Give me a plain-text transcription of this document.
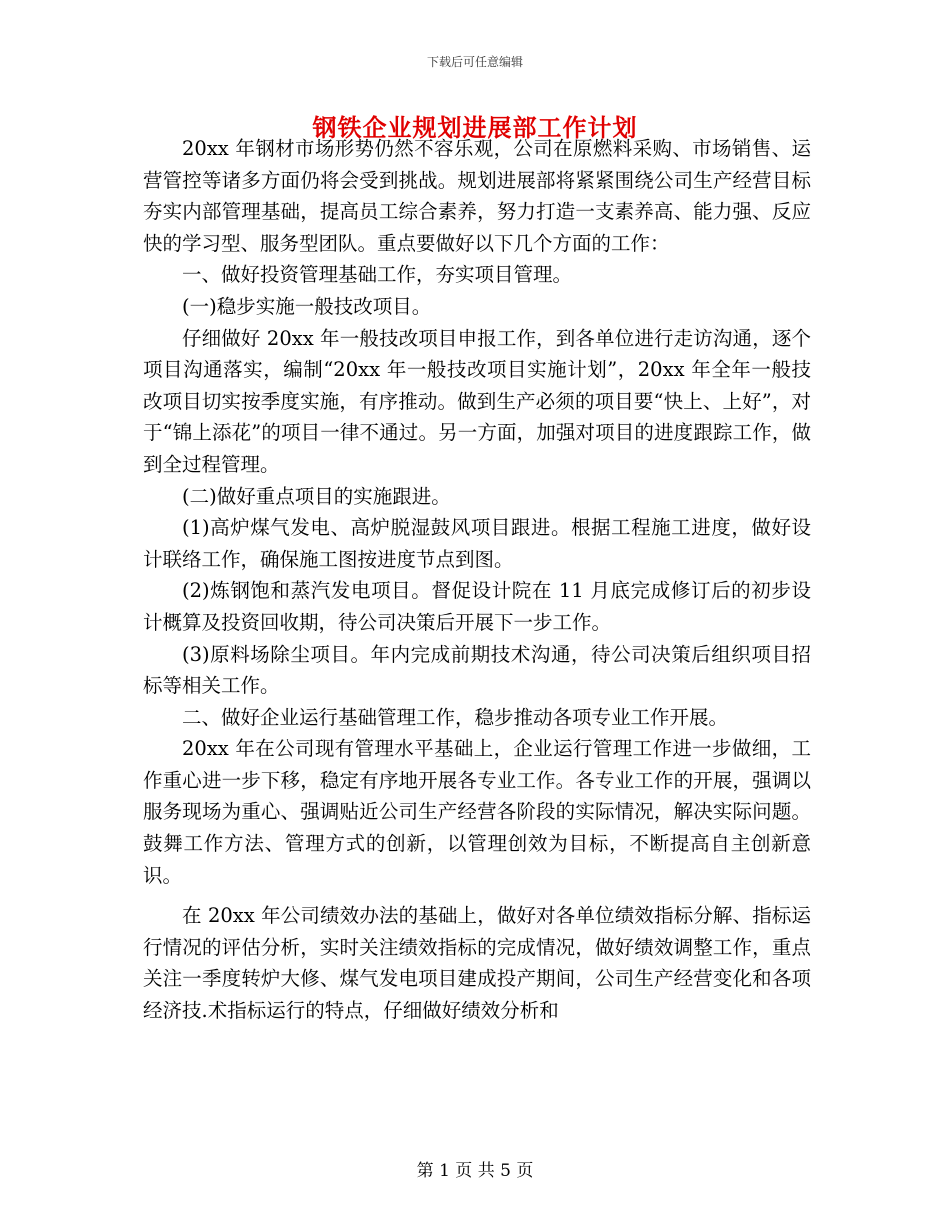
下载后可任意编辑
钢铁企业规划进展部工作计划

20xx 年钢材市场形势仍然不容乐观，公司在原燃料采购、市场销售、运营管控等诸多方面仍将会受到挑战。规划进展部将紧紧围绕公司生产经营目标夯实内部管理基础，提高员工综合素养，努力打造一支素养高、能力强、反应快的学习型、服务型团队。重点要做好以下几个方面的工作：

一、做好投资管理基础工作，夯实项目管理。

(一)稳步实施一般技改项目。

仔细做好 20xx 年一般技改项目申报工作，到各单位进行走访沟通，逐个项目沟通落实，编制“20xx 年一般技改项目实施计划”，20xx 年全年一般技改项目切实按季度实施，有序推动。做到生产必须的项目要“快上、上好”，对于“锦上添花”的项目一律不通过。另一方面，加强对项目的进度跟踪工作，做到全过程管理。

(二)做好重点项目的实施跟进。

(1)高炉煤气发电、高炉脱湿鼓风项目跟进。根据工程施工进度，做好设计联络工作，确保施工图按进度节点到图。

(2)炼钢饱和蒸汽发电项目。督促设计院在 11 月底完成修订后的初步设计概算及投资回收期，待公司决策后开展下一步工作。

(3)原料场除尘项目。年内完成前期技术沟通，待公司决策后组织项目招标等相关工作。

二、做好企业运行基础管理工作，稳步推动各项专业工作开展。

20xx 年在公司现有管理水平基础上，企业运行管理工作进一步做细，工作重心进一步下移，稳定有序地开展各专业工作。各专业工作的开展，强调以服务现场为重心、强调贴近公司生产经营各阶段的实际情况，解决实际问题。鼓舞工作方法、管理方式的创新，以管理创效为目标，不断提高自主创新意识。

在 20xx 年公司绩效办法的基础上，做好对各单位绩效指标分解、指标运行情况的评估分析，实时关注绩效指标的完成情况，做好绩效调整工作，重点关注一季度转炉大修、煤气发电项目建成投产期间，公司生产经营变化和各项经济技.术指标运行的特点，仔细做好绩效分析和

第 1 页 共 5 页
